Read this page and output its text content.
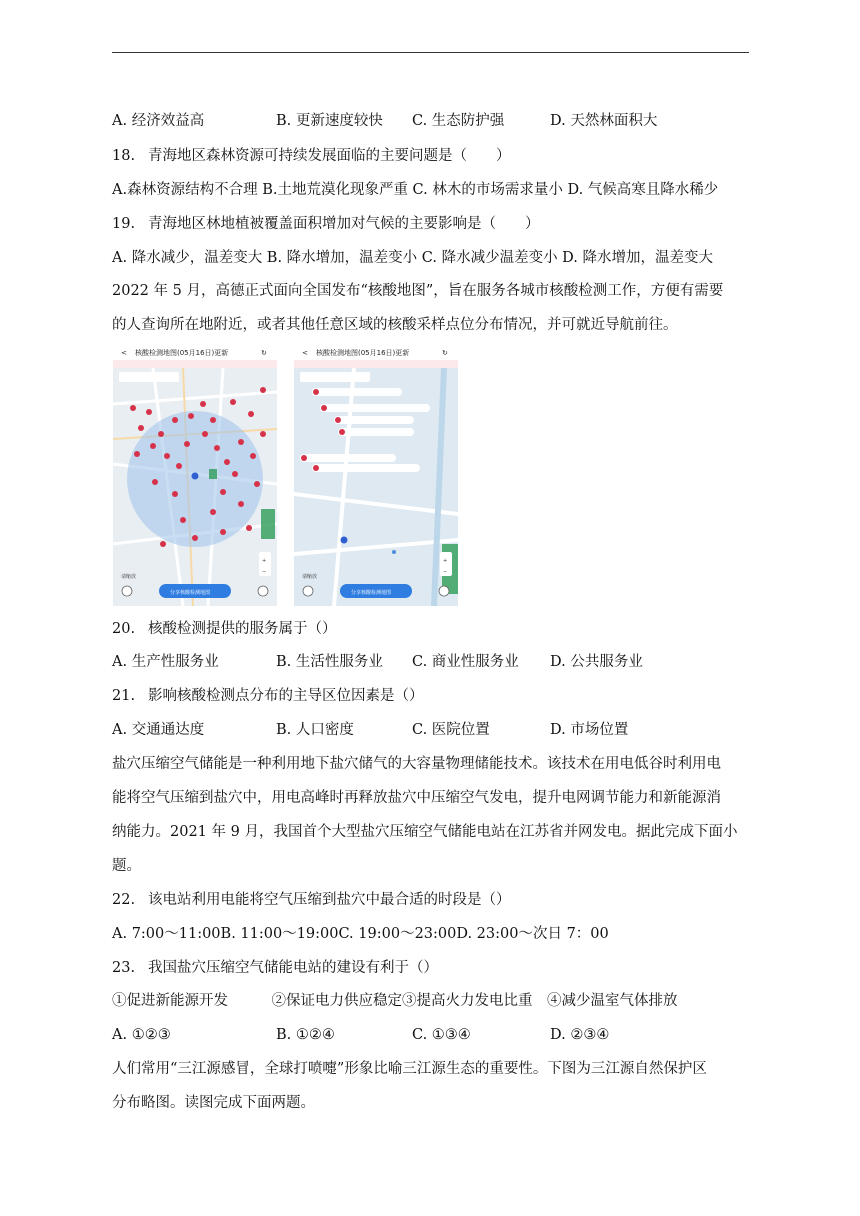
A. 经济效益高	B. 更新速度较快 C. 生态防护强	D. 天然林面积大
18. 青海地区森林资源可持续发展面临的主要问题是（　　）
A.森林资源结构不合理 B.土地荒漠化现象严重 C. 林木的市场需求量小 D. 气候高寒且降水稀少
19. 青海地区林地植被覆盖面积增加对气候的主要影响是（　　）
A. 降水减少，温差变大 B. 降水增加，温差变小 C. 降水减少温差变小 D. 降水增加，温差变大
2022 年 5 月，高德正式面向全国发布“核酸地图”，旨在服务各城市核酸检测工作，方便有需要
的人查询所在地附近，或者其他任意区域的核酸采样点位分布情况，并可就近导航前往。
< 核酸检测地图(05月16日)更新	↻
+
−
请缩放
分享核酸检测地图
< 核酸检测地图(05月16日)更新	↻
+
−
请缩放
分享核酸检测地图
20. 核酸检测提供的服务属于（）
A. 生产性服务业	B. 生活性服务业 C. 商业性服务业 D. 公共服务业
21. 影响核酸检测点分布的主导区位因素是（）
A. 交通通达度	B. 人口密度	C. 医院位置	D. 市场位置
盐穴压缩空气储能是一种利用地下盐穴储气的大容量物理储能技术。该技术在用电低谷时利用电
能将空气压缩到盐穴中，用电高峰时再释放盐穴中压缩空气发电，提升电网调节能力和新能源消
纳能力。2021 年 9 月，我国首个大型盐穴压缩空气储能电站在江苏省并网发电。据此完成下面小
题。
22. 该电站利用电能将空气压缩到盐穴中最合适的时段是（）
A. 7:00～11:00B. 11:00～19:00C. 19:00～23:00D. 23:00～次日 7：00
23. 我国盐穴压缩空气储能电站的建设有利于（）
①促进新能源开发　　　②保证电力供应稳定③提高火力发电比重　④减少温室气体排放
A. ①②③	B. ①②④	C. ①③④	D. ②③④
人们常用“三江源感冒，全球打喷嚏”形象比喻三江源生态的重要性。下图为三江源自然保护区
分布略图。读图完成下面两题。
